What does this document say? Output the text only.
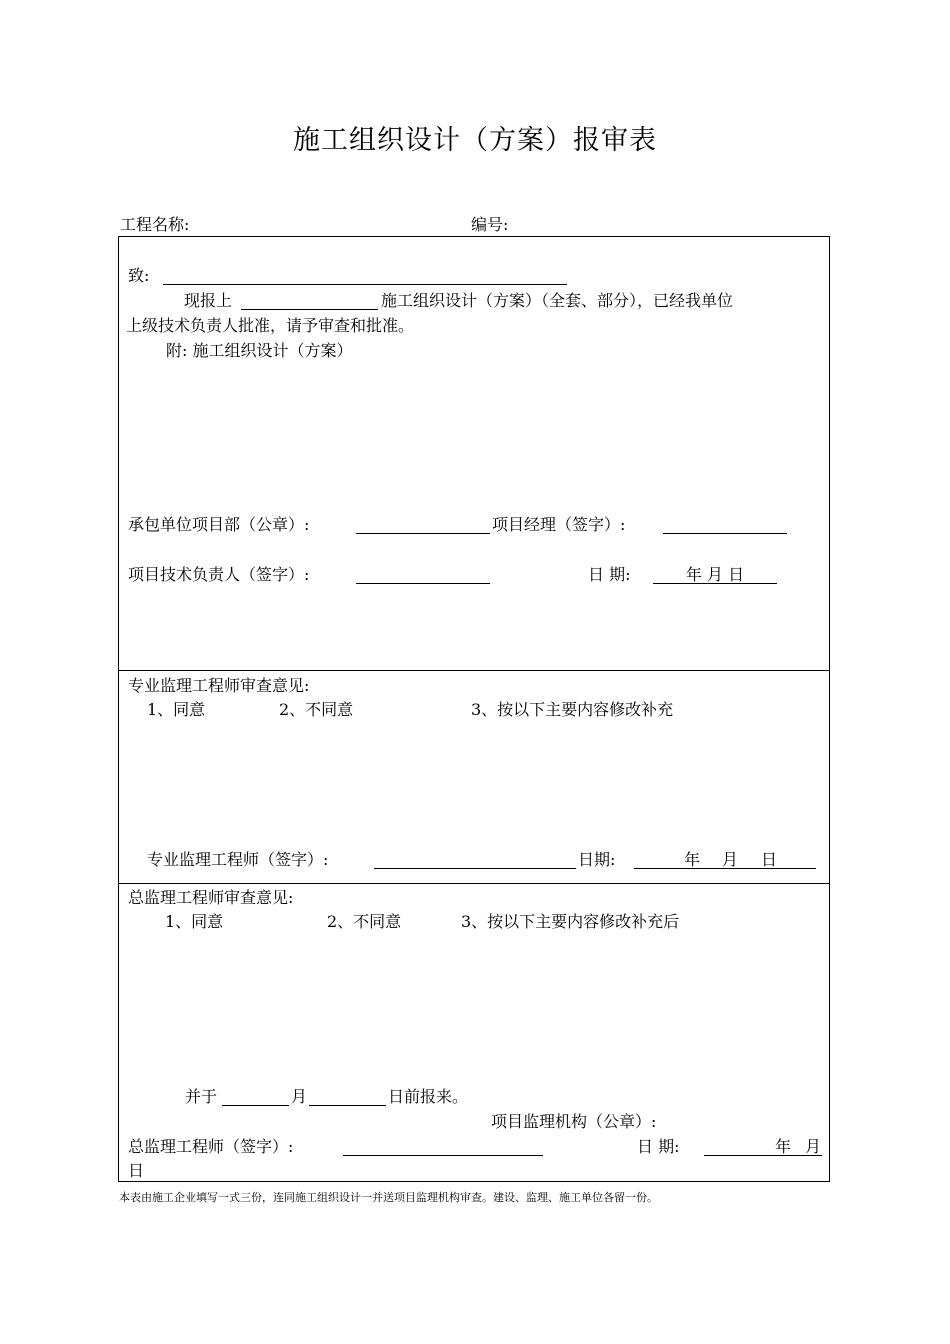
施工组织设计（方案）报审表
工程名称:	编号:
致:
现报上	施工组织设计（方案）（全套、部分），已经我单位
上级技术负责人批准，请予审查和批准。
附: 施工组织设计（方案）
承包单位项目部（公章）:	项目经理（签字）:
项目技术负责人（签字）:	日 期:	年 月 日
专业监理工程师审查意见:
1、同意	2、不同意	3、按以下主要内容修改补充
专业监理工程师（签字）:	日期:	年 月 日
总监理工程师审查意见:
1、同意	2、不同意	3、按以下主要内容修改补充后
并于	月	日前报来。
项目监理机构（公章）:
总监理工程师（签字）:	日 期:	年 月
日
本表由施工企业填写一式三份，连同施工组织设计一并送项目监理机构审查。建设、监理、施工单位各留一份。
